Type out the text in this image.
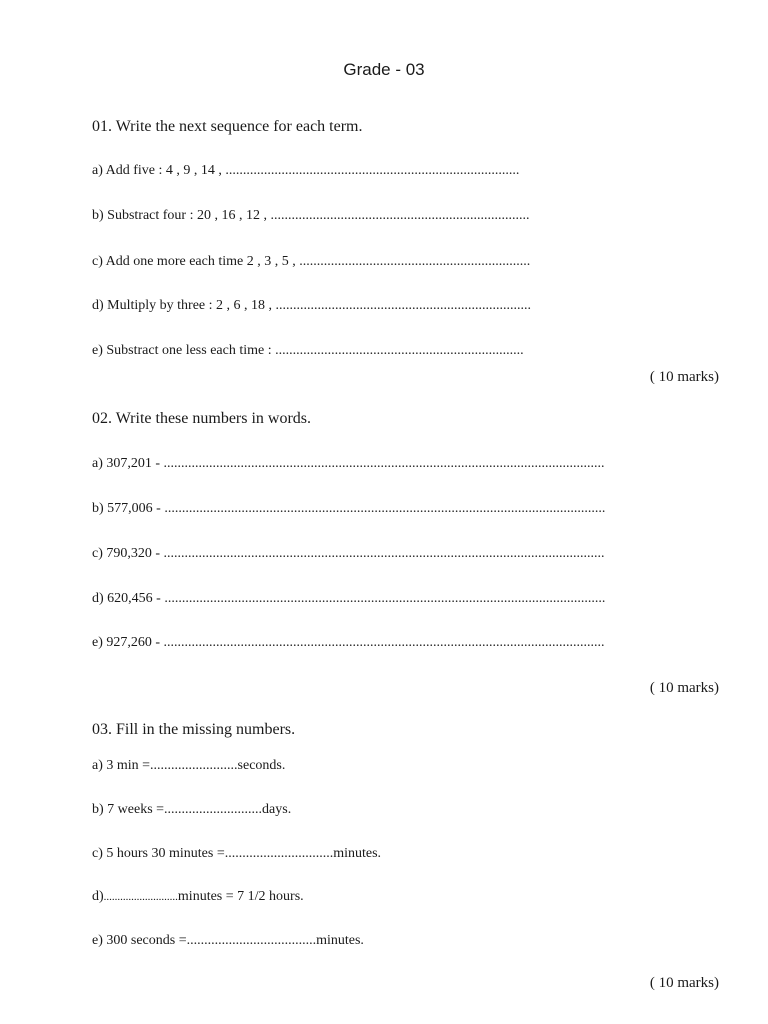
Grade - 03
01. Write the next sequence for each term.
a) Add five : 4 , 9 , 14 , ....................................................................................
b) Substract four : 20 , 16 , 12 , ..........................................................................
c) Add one more each time 2 , 3 , 5 , ..................................................................
d) Multiply by three : 2 , 6 , 18 , .........................................................................
e) Substract one less each time : .......................................................................
( 10 marks)
02. Write these numbers in words.
a) 307,201 - ..............................................................................................................................
b) 577,006 - ..............................................................................................................................
c) 790,320 - ..............................................................................................................................
d) 620,456 - ..............................................................................................................................
e) 927,260 - ..............................................................................................................................
( 10 marks)
03. Fill in the missing numbers.
a) 3 min =.........................seconds.
b) 7 weeks =............................days.
c) 5 hours 30 minutes =...............................minutes.
d)...........................minutes = 7 1/2 hours.
e) 300 seconds =.....................................minutes.
( 10 marks)
